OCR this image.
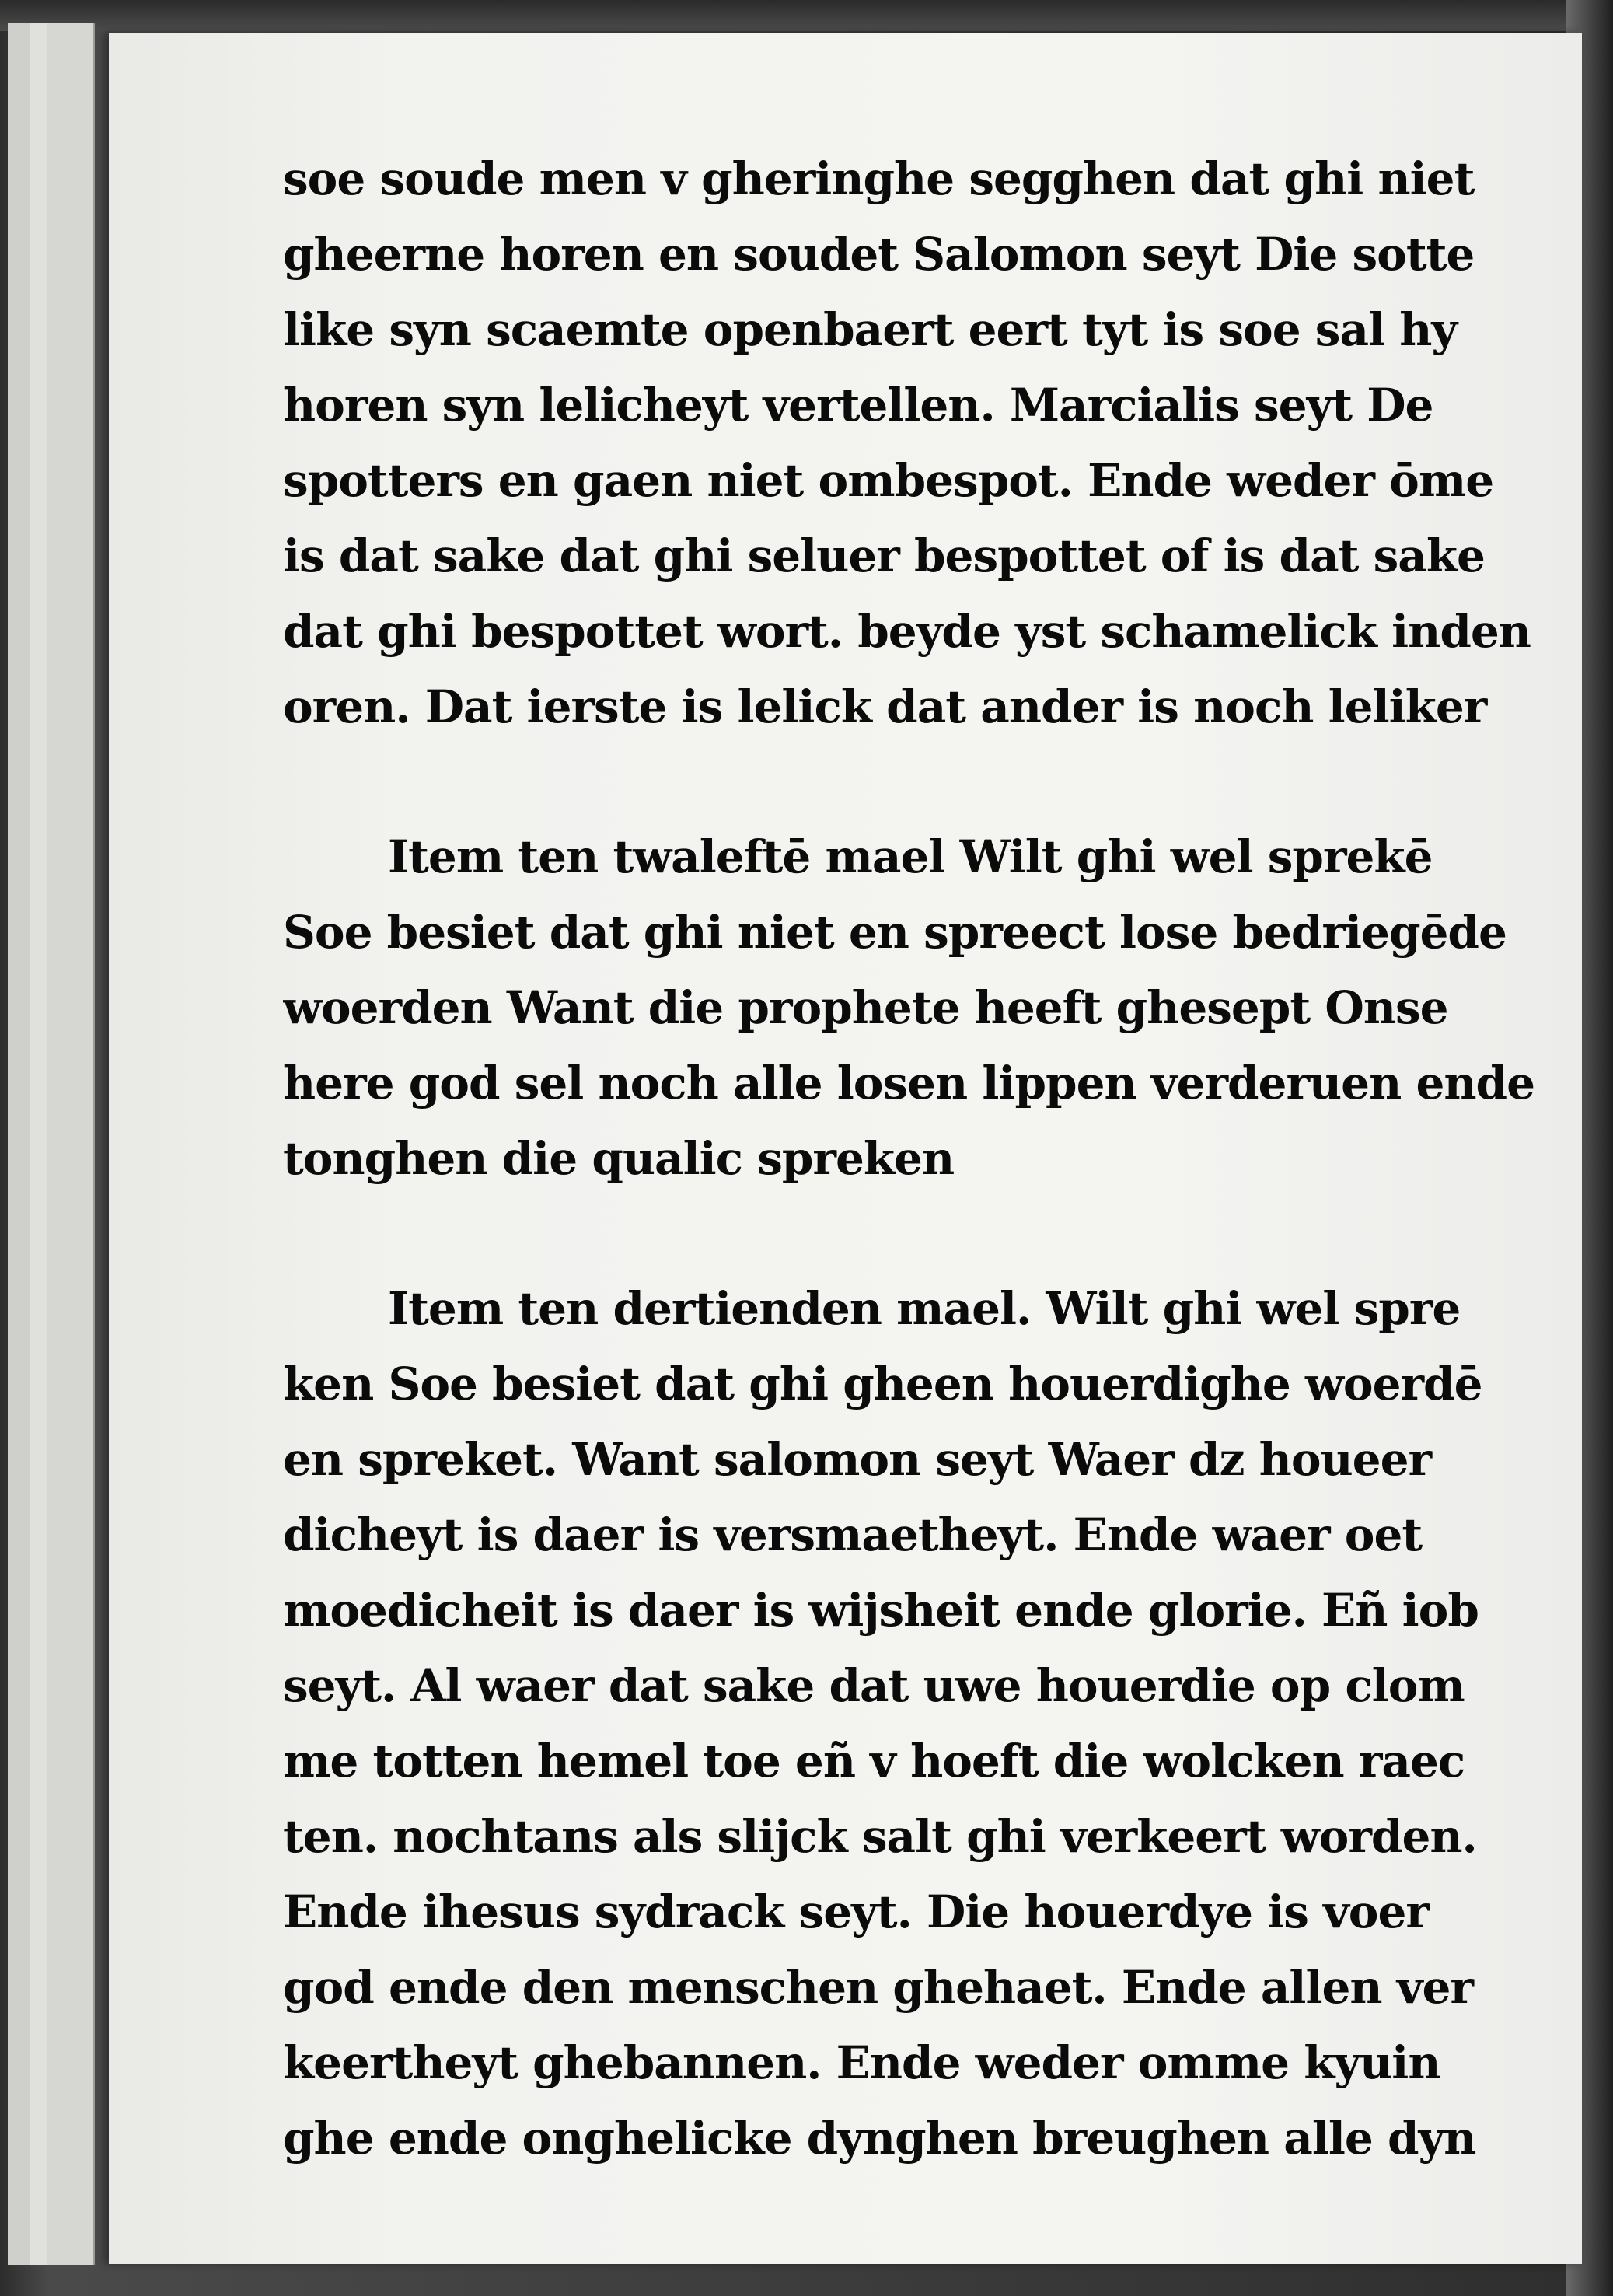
soe soude men v gheringhe segghen dat ghi niet
gheerne horen en soudet Salomon seyt Die sotte
like syn scaemte openbaert eert tyt is soe sal hy
horen syn lelicheyt vertellen. Marcialis seyt De
spotters en gaen niet ombespot. Ende weder ōme
is dat sake dat ghi seluer bespottet of is dat sake
dat ghi bespottet wort. beyde yst schamelick inden
oren. Dat ierste is lelick dat ander is noch leliker
Item ten twaleftē mael Wilt ghi wel sprekē
Soe besiet dat ghi niet en spreect lose bedriegēde
woerden Want die prophete heeft ghesept Onse
here god sel noch alle losen lippen verderuen ende
tonghen die qualic spreken
Item ten dertienden mael. Wilt ghi wel spre
ken Soe besiet dat ghi gheen houerdighe woerdē
en spreket. Want salomon seyt Waer dz houeer
dicheyt is daer is versmaetheyt. Ende waer oet
moedicheit is daer is wijsheit ende glorie. Eñ iob
seyt. Al waer dat sake dat uwe houerdie op clom
me totten hemel toe eñ v hoeft die wolcken raec
ten. nochtans als slijck salt ghi verkeert worden.
Ende ihesus sydrack seyt. Die houerdye is voer
god ende den menschen ghehaet. Ende allen ver
keertheyt ghebannen. Ende weder omme kyuin
ghe ende onghelicke dynghen breughen alle dyn
